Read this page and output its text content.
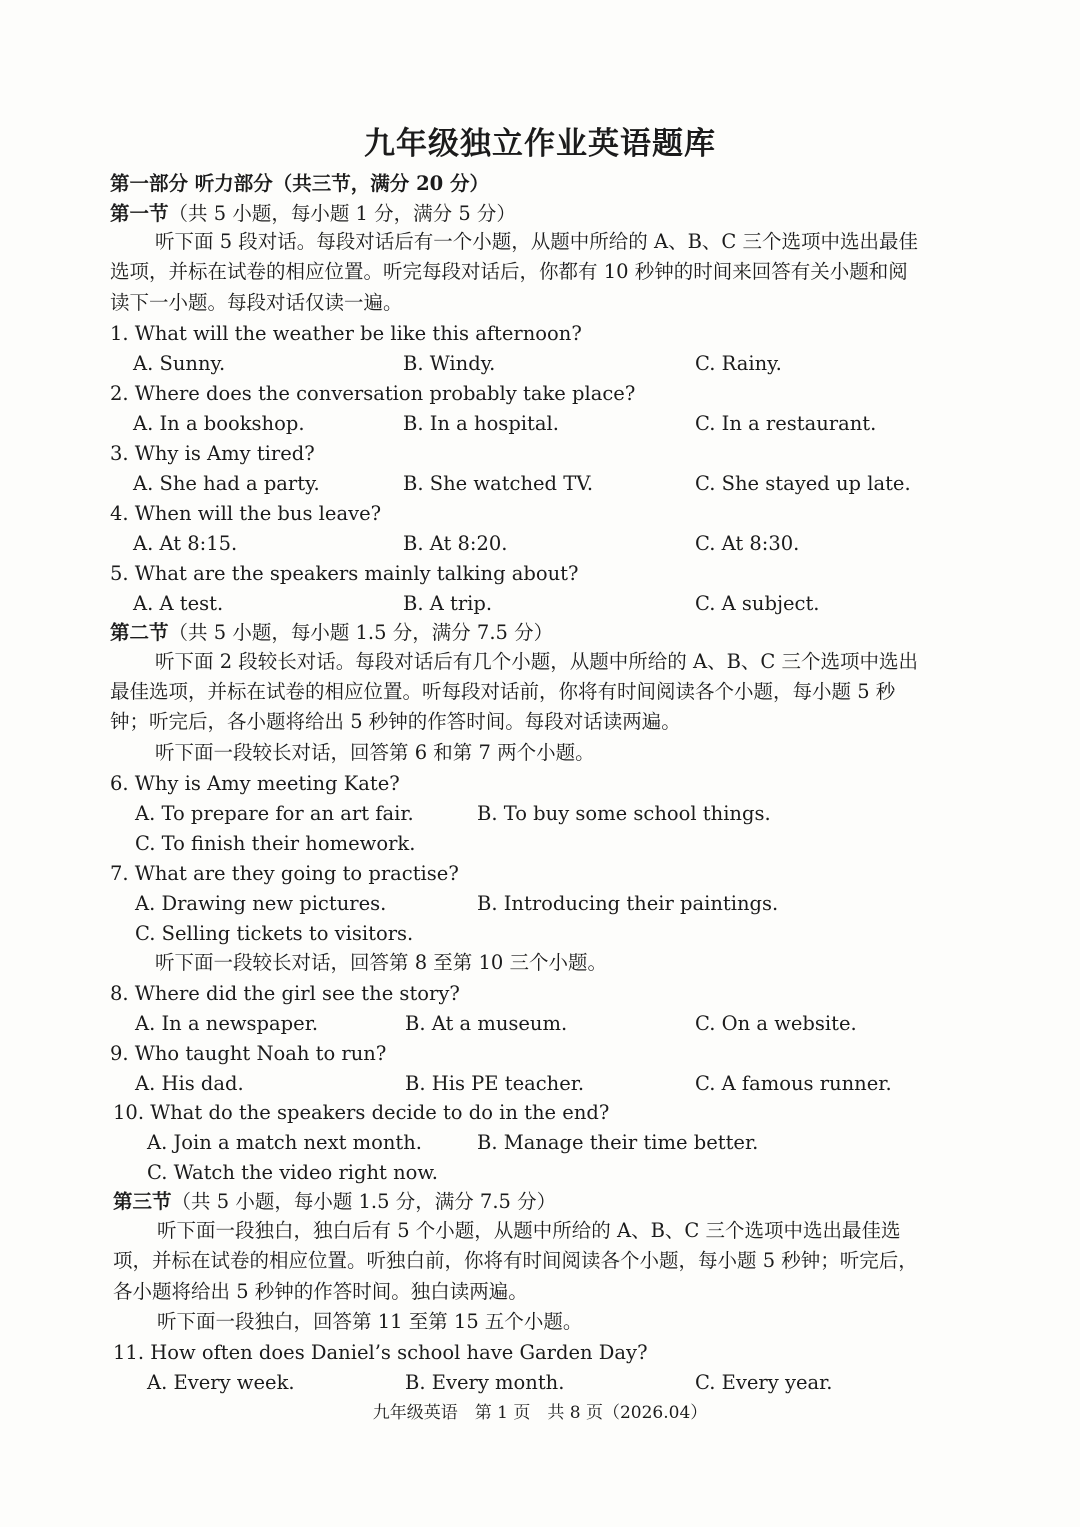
九年级独立作业英语题库
第一部分 听力部分（共三节，满分 20 分）
第一节（共 5 小题，每小题 1 分，满分 5 分）
听下面 5 段对话。每段对话后有一个小题，从题中所给的 A、B、C 三个选项中选出最佳
选项，并标在试卷的相应位置。听完每段对话后，你都有 10 秒钟的时间来回答有关小题和阅
读下一小题。每段对话仅读一遍。
1. What will the weather be like this afternoon?
A. Sunny.	B. Windy.	C. Rainy.
2. Where does the conversation probably take place?
A. In a bookshop.	B. In a hospital.	C. In a restaurant.
3. Why is Amy tired?
A. She had a party.	B. She watched TV.	C. She stayed up late.
4. When will the bus leave?
A. At 8:15.	B. At 8:20.	C. At 8:30.
5. What are the speakers mainly talking about?
A. A test.	B. A trip.	C. A subject.
第二节（共 5 小题，每小题 1.5 分，满分 7.5 分）
听下面 2 段较长对话。每段对话后有几个小题，从题中所给的 A、B、C 三个选项中选出
最佳选项，并标在试卷的相应位置。听每段对话前，你将有时间阅读各个小题，每小题 5 秒
钟；听完后，各小题将给出 5 秒钟的作答时间。每段对话读两遍。
听下面一段较长对话，回答第 6 和第 7 两个小题。
6. Why is Amy meeting Kate?
A. To prepare for an art fair.	B. To buy some school things.
C. To finish their homework.
7. What are they going to practise?
A. Drawing new pictures.	B. Introducing their paintings.
C. Selling tickets to visitors.
听下面一段较长对话，回答第 8 至第 10 三个小题。
8. Where did the girl see the story?
A. In a newspaper.	B. At a museum.	C. On a website.
9. Who taught Noah to run?
A. His dad.	B. His PE teacher.	C. A famous runner.
10. What do the speakers decide to do in the end?
A. Join a match next month.	B. Manage their time better.
C. Watch the video right now.
第三节（共 5 小题，每小题 1.5 分，满分 7.5 分）
听下面一段独白，独白后有 5 个小题，从题中所给的 A、B、C 三个选项中选出最佳选
项，并标在试卷的相应位置。听独白前，你将有时间阅读各个小题，每小题 5 秒钟；听完后，
各小题将给出 5 秒钟的作答时间。独白读两遍。
听下面一段独白，回答第 11 至第 15 五个小题。
11. How often does Daniel’s school have Garden Day?
A. Every week.	B. Every month.	C. Every year.
九年级英语　第 1 页　共 8 页（2026.04）
